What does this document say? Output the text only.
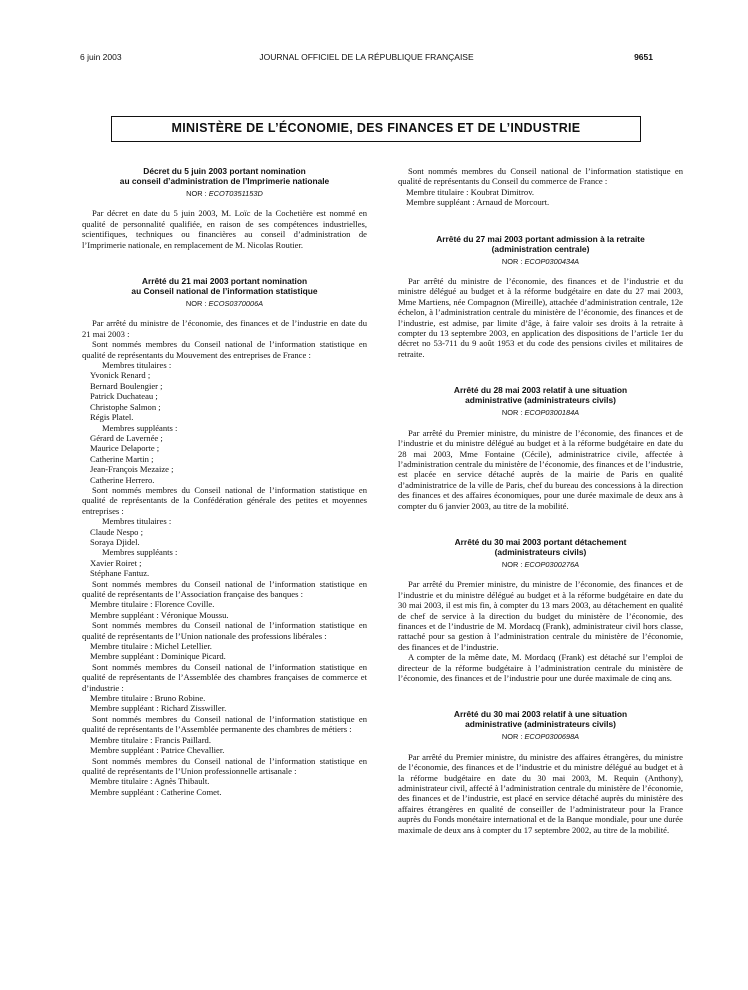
6 juin 2003	JOURNAL OFFICIEL DE LA RÉPUBLIQUE FRANÇAISE	9651
MINISTÈRE DE L’ÉCONOMIE, DES FINANCES ET DE L’INDUSTRIE
Décret du 5 juin 2003 portant nomination
au conseil d’administration de l’Imprimerie nationale
NOR : ECOT0351153D

Par décret en date du 5 juin 2003, M. Loïc de la Cochetière est nommé en qualité de personnalité qualifiée, en raison de ses compétences industrielles, scientifiques, techniques ou financières au conseil d’administration de l’Imprimerie nationale, en remplacement de M. Nicolas Routier.

Arrêté du 21 mai 2003 portant nomination
au Conseil national de l’information statistique
NOR : ECOS0370006A

Par arrêté du ministre de l’économie, des finances et de l’industrie en date du 21 mai 2003 :

Sont nommés membres du Conseil national de l’information statistique en qualité de représentants du Mouvement des entreprises de France :

Membres titulaires :
Yvonick Renard ;
Bernard Boulengier ;
Patrick Duchateau ;
Christophe Salmon ;
Régis Platel.
Membres suppléants :
Gérard de Lavernée ;
Maurice Delaporte ;
Catherine Martin ;
Jean-François Mezaize ;
Catherine Herrero.

Sont nommés membres du Conseil national de l’information statistique en qualité de représentants de la Confédération générale des petites et moyennes entreprises :

Membres titulaires :
Claude Nespo ;
Soraya Djidel.
Membres suppléants :
Xavier Roiret ;
Stéphane Fantuz.

Sont nommés membres du Conseil national de l’information statistique en qualité de représentants de l’Association française des banques :

Membre titulaire : Florence Coville.
Membre suppléant : Véronique Moussu.

Sont nommés membres du Conseil national de l’information statistique en qualité de représentants de l’Union nationale des professions libérales :

Membre titulaire : Michel Letellier.
Membre suppléant : Dominique Picard.

Sont nommés membres du Conseil national de l’information statistique en qualité de représentants de l’Assemblée des chambres françaises de commerce et d’industrie :

Membre titulaire : Bruno Robine.
Membre suppléant : Richard Zisswiller.

Sont nommés membres du Conseil national de l’information statistique en qualité de représentants de l’Assemblée permanente des chambres de métiers :

Membre titulaire : Francis Paillard.
Membre suppléant : Patrice Chevallier.

Sont nommés membres du Conseil national de l’information statistique en qualité de représentants de l’Union professionnelle artisanale :

Membre titulaire : Agnès Thibault.
Membre suppléant : Catherine Comet.

Sont nommés membres du Conseil national de l’information statistique en qualité de représentants du Conseil du commerce de France :

Membre titulaire : Koubrat Dimitrov.
Membre suppléant : Arnaud de Morcourt.
Arrêté du 27 mai 2003 portant admission à la retraite
(administration centrale)
NOR : ECOP0300434A

Par arrêté du ministre de l’économie, des finances et de l’industrie et du ministre délégué au budget et à la réforme budgétaire en date du 27 mai 2003, Mme Martiens, née Compagnon (Mireille), attachée d’administration centrale, 12e échelon, à l’administration centrale du ministère de l’économie, des finances et de l’industrie, est admise, par limite d’âge, à faire valoir ses droits à la retraite à compter du 13 septembre 2003, en application des dispositions de l’article 1er du décret no 53-711 du 9 août 1953 et du code des pensions civiles et militaires de retraite.

Arrêté du 28 mai 2003 relatif à une situation
administrative (administrateurs civils)
NOR : ECOP0300184A

Par arrêté du Premier ministre, du ministre de l’économie, des finances et de l’industrie et du ministre délégué au budget et à la réforme budgétaire en date du 28 mai 2003, Mme Fontaine (Cécile), administratrice civile, affectée à l’administration centrale du ministère de l’économie, des finances et de l’industrie, est placée en service détaché auprès de la mairie de Paris en qualité d’administratrice de la ville de Paris, chef du bureau des concessions à la direction des finances et des affaires économiques, pour une durée maximale de deux ans à compter du 6 janvier 2003, au titre de la mobilité.

Arrêté du 30 mai 2003 portant détachement
(administrateurs civils)
NOR : ECOP0300276A

Par arrêté du Premier ministre, du ministre de l’économie, des finances et de l’industrie et du ministre délégué au budget et à la réforme budgétaire en date du 30 mai 2003, il est mis fin, à compter du 13 mars 2003, au détachement en qualité de chef de service à la direction du budget du ministère de l’économie, des finances et de l’industrie de M. Mordacq (Frank), administrateur civil hors classe, rattaché pour sa gestion à l’administration centrale du ministère de l’économie, des finances et de l’industrie.

A compter de la même date, M. Mordacq (Frank) est détaché sur l’emploi de directeur de la réforme budgétaire à l’administration centrale du ministère de l’économie, des finances et de l’industrie pour une durée maximale de cinq ans.

Arrêté du 30 mai 2003 relatif à une situation
administrative (administrateurs civils)
NOR : ECOP0300698A

Par arrêté du Premier ministre, du ministre des affaires étrangères, du ministre de l’économie, des finances et de l’industrie et du ministre délégué au budget et à la réforme budgétaire en date du 30 mai 2003, M. Requin (Anthony), administrateur civil, affecté à l’administration centrale du ministère de l’économie, des finances et de l’industrie, est placé en service détaché auprès du ministère des affaires étrangères en qualité de conseiller de l’administrateur pour la France auprès du Fonds monétaire international et de la Banque mondiale, pour une durée maximale de deux ans à compter du 17 septembre 2002, au titre de la mobilité.
